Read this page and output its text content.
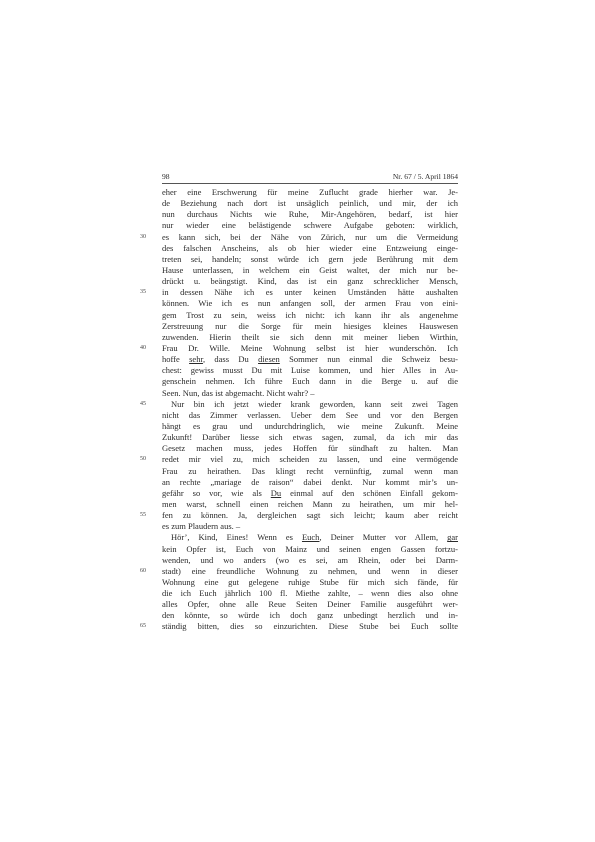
98	Nr. 67 / 5. April 1864
eher eine Erschwerung für meine Zuflucht grade hierher war. Je-
de Beziehung nach dort ist unsäglich peinlich, und mir, der ich
nun durchaus Nichts wie Ruhe, Mir-Angehören, bedarf, ist hier
nur wieder eine belästigende schwere Aufgabe geboten: wirklich,
30	es kann sich, bei der Nähe von Zürich, nur um die Vermeidung
des falschen Anscheins, als ob hier wieder eine Entzweiung einge-
treten sei, handeln; sonst würde ich gern jede Berührung mit dem
Hause unterlassen, in welchem ein Geist waltet, der mich nur be-
drückt u. beängstigt. Kind, das ist ein ganz schrecklicher Mensch,
35	in dessen Nähe ich es unter keinen Umständen hätte aushalten
können. Wie ich es nun anfangen soll, der armen Frau von eini-
gem Trost zu sein, weiss ich nicht: ich kann ihr als angenehme
Zerstreuung nur die Sorge für mein hiesiges kleines Hauswesen
zuwenden. Hierin theilt sie sich denn mit meiner lieben Wirthin,
40	Frau Dr. Wille. Meine Wohnung selbst ist hier wunderschön. Ich
hoffe sehr, dass Du diesen Sommer nun einmal die Schweiz besu-
chest: gewiss musst Du mit Luise kommen, und hier Alles in Au-
genschein nehmen. Ich führe Euch dann in die Berge u. auf die
Seen. Nun, das ist abgemacht. Nicht wahr? –
45	Nur bin ich jetzt wieder krank geworden, kann seit zwei Tagen
nicht das Zimmer verlassen. Ueber dem See und vor den Bergen
hängt es grau und undurchdringlich, wie meine Zukunft. Meine
Zukunft! Darüber liesse sich etwas sagen, zumal, da ich mir das
Gesetz machen muss, jedes Hoffen für sündhaft zu halten. Man
50	redet mir viel zu, mich scheiden zu lassen, und eine vermögende
Frau zu heirathen. Das klingt recht vernünftig, zumal wenn man
an rechte „mariage de raison“ dabei denkt. Nur kommt mir’s un-
gefähr so vor, wie als Du einmal auf den schönen Einfall gekom-
men warst, schnell einen reichen Mann zu heirathen, um mir hel-
55	fen zu können. Ja, dergleichen sagt sich leicht; kaum aber reicht
es zum Plaudern aus. –
Hör’, Kind, Eines! Wenn es Euch, Deiner Mutter vor Allem, gar
kein Opfer ist, Euch von Mainz und seinen engen Gassen fortzu-
wenden, und wo anders (wo es sei, am Rhein, oder bei Darm-
60	stadt) eine freundliche Wohnung zu nehmen, und wenn in dieser
Wohnung eine gut gelegene ruhige Stube für mich sich fände, für
die ich Euch jährlich 100 fl. Miethe zahlte, – wenn dies also ohne
alles Opfer, ohne alle Reue Seiten Deiner Familie ausgeführt wer-
den könnte, so würde ich doch ganz unbedingt herzlich und in-
65	ständig bitten, dies so einzurichten. Diese Stube bei Euch sollte
